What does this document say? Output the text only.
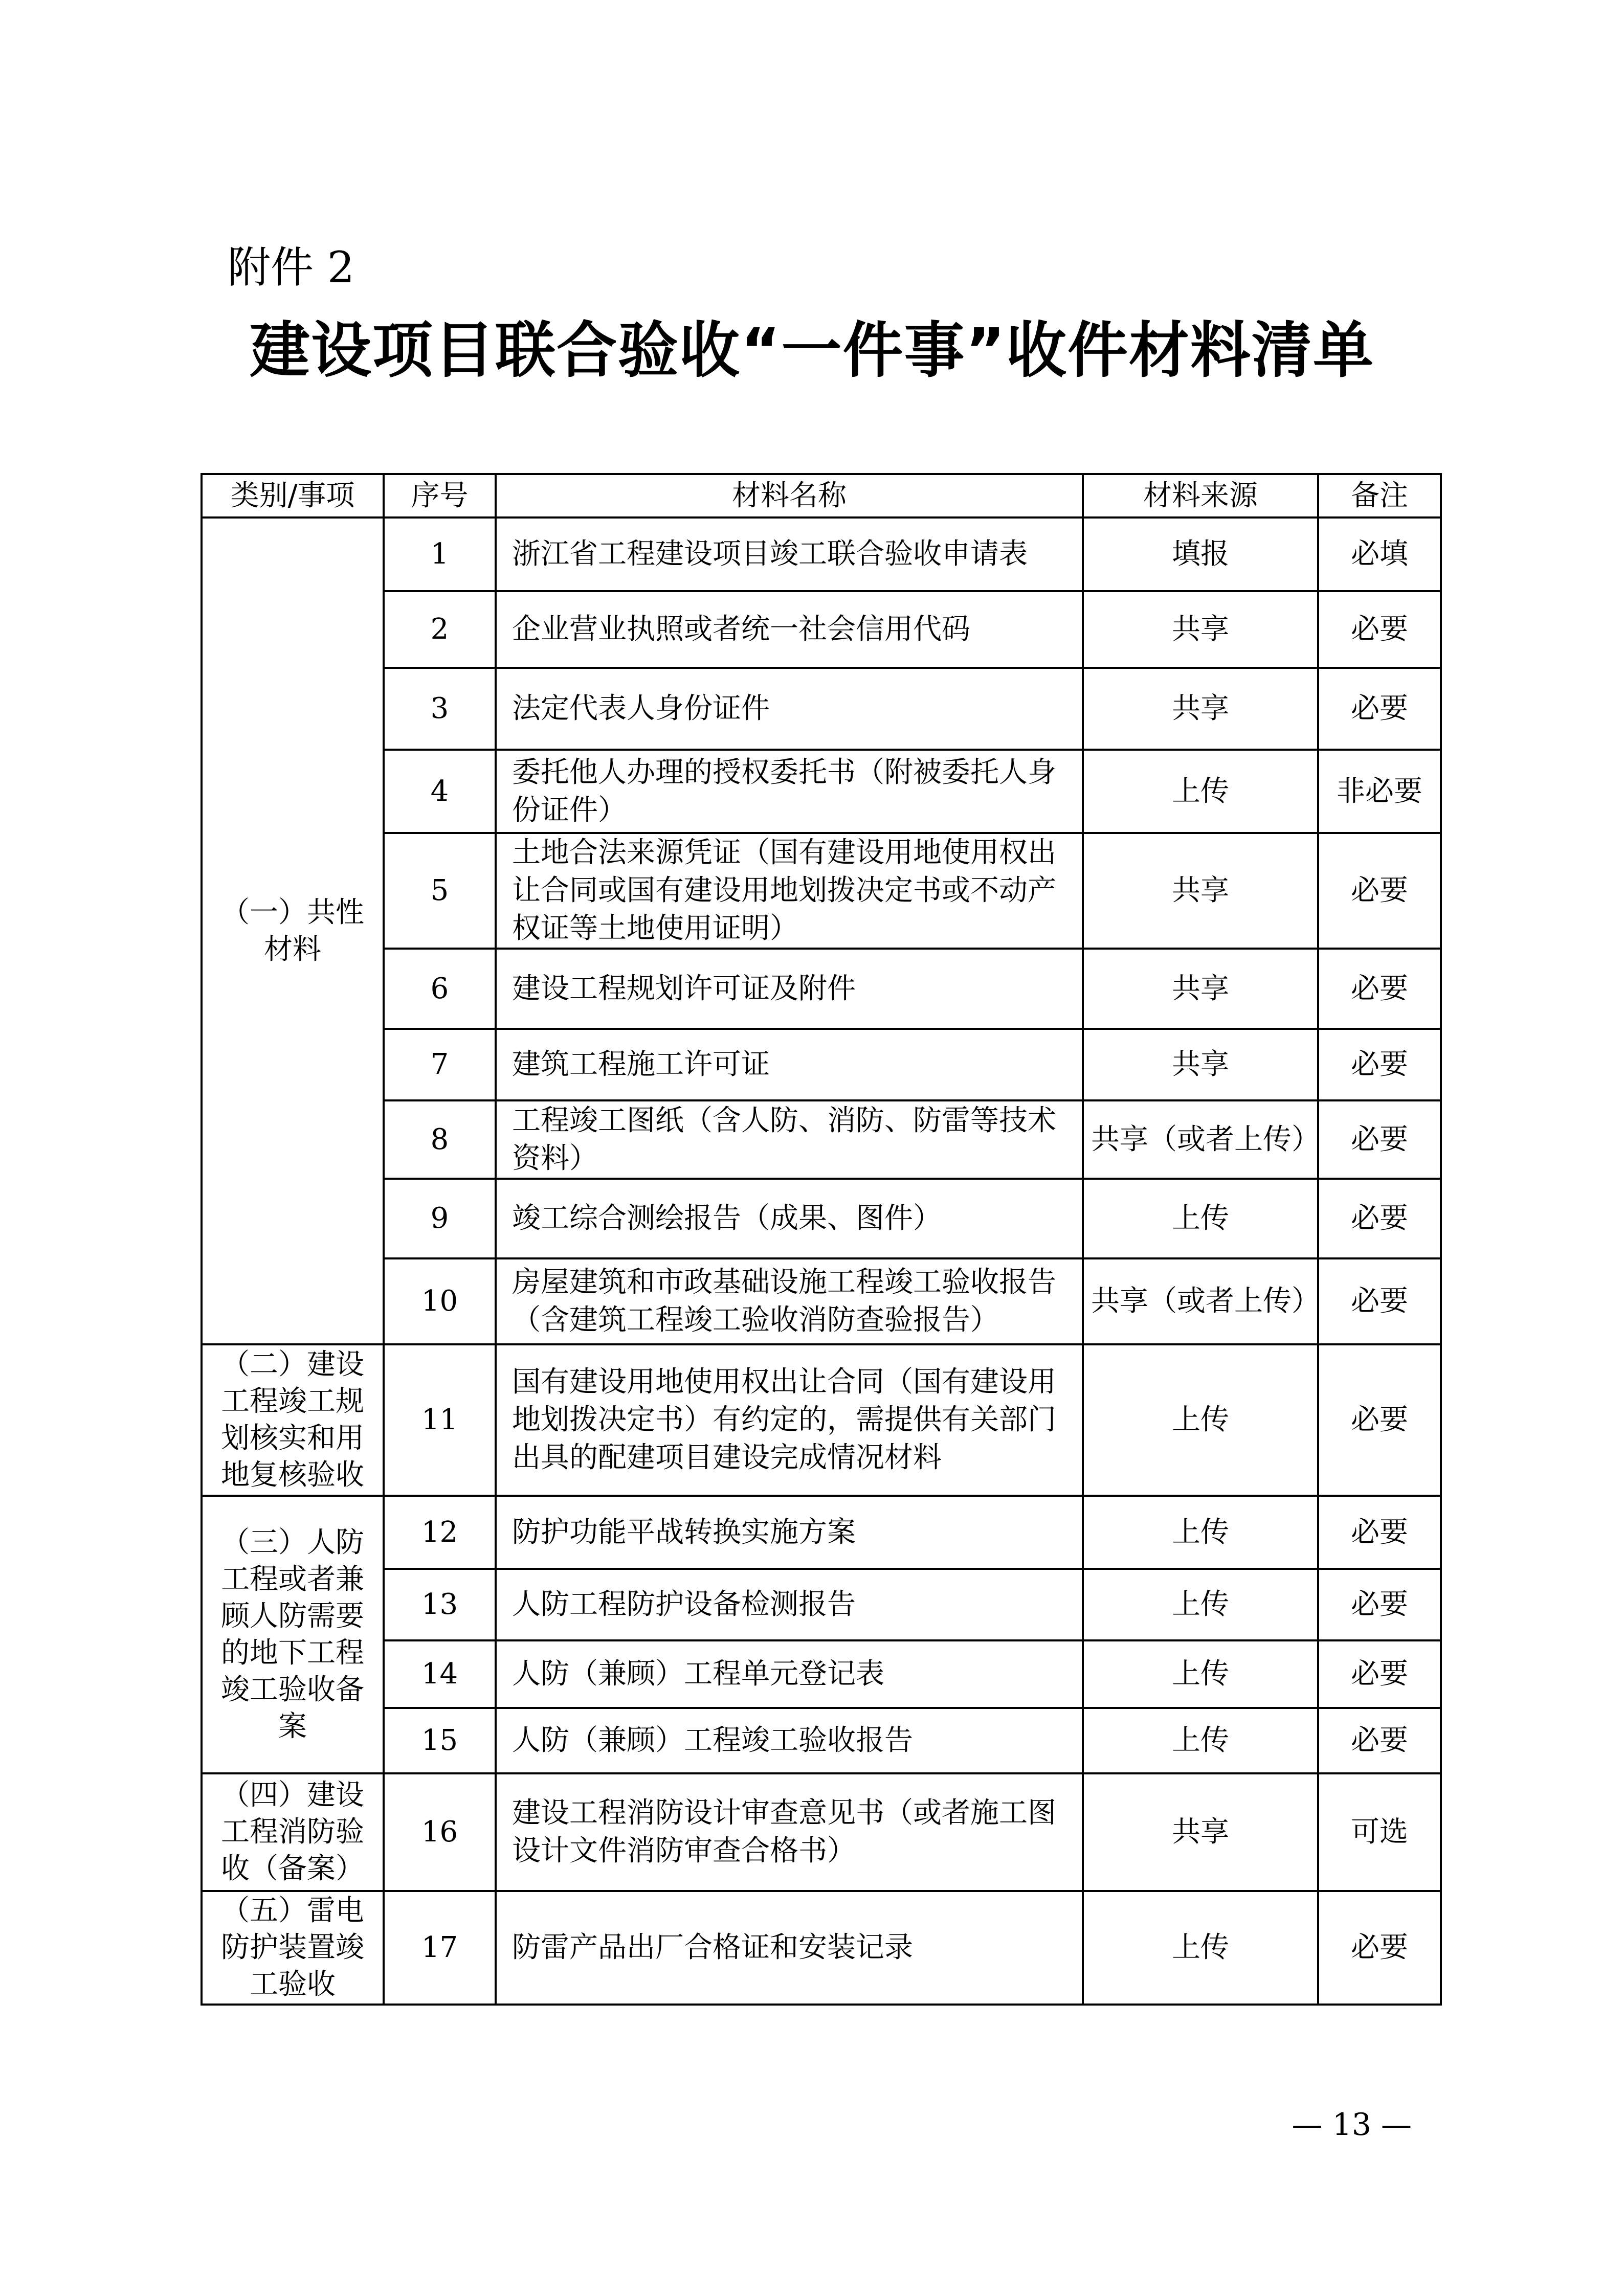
附件 2
建设项目联合验收“一件事”收件材料清单
类别/事项	序号	材料名称	材料来源	备注
（一）共性材料	1	浙江省工程建设项目竣工联合验收申请表	填报	必填
	2	企业营业执照或者统一社会信用代码	共享	必要
	3	法定代表人身份证件	共享	必要
	4	委托他人办理的授权委托书（附被委托人身份证件）	上传	非必要
	5	土地合法来源凭证（国有建设用地使用权出让合同或国有建设用地划拨决定书或不动产权证等土地使用证明）	共享	必要
	6	建设工程规划许可证及附件	共享	必要
	7	建筑工程施工许可证	共享	必要
	8	工程竣工图纸（含人防、消防、防雷等技术资料）	共享（或者上传）	必要
	9	竣工综合测绘报告（成果、图件）	上传	必要
	10	房屋建筑和市政基础设施工程竣工验收报告（含建筑工程竣工验收消防查验报告）	共享（或者上传）	必要
（二）建设工程竣工规划核实和用地复核验收	11	国有建设用地使用权出让合同（国有建设用地划拨决定书）有约定的，需提供有关部门出具的配建项目建设完成情况材料	上传	必要
（三）人防工程或者兼顾人防需要的地下工程竣工验收备案	12	防护功能平战转换实施方案	上传	必要
	13	人防工程防护设备检测报告	上传	必要
	14	人防（兼顾）工程单元登记表	上传	必要
	15	人防（兼顾）工程竣工验收报告	上传	必要
（四）建设工程消防验收（备案）	16	建设工程消防设计审查意见书（或者施工图设计文件消防审查合格书）	共享	可选
（五）雷电防护装置竣工验收	17	防雷产品出厂合格证和安装记录	上传	必要
— 13 —
